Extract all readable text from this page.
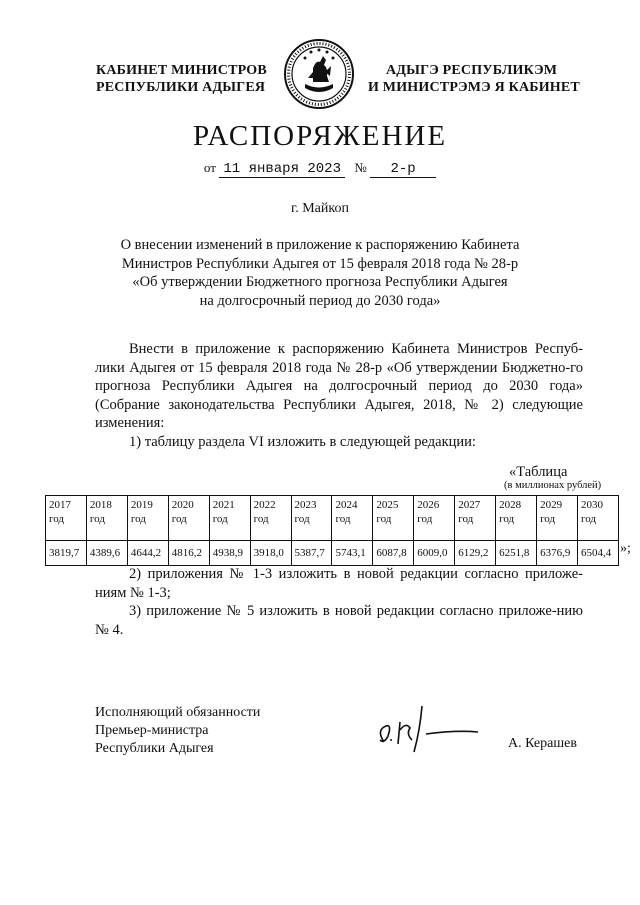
КАБИНЕТ МИНИСТРОВ
РЕСПУБЛИКИ АДЫГЕЯ
АДЫГЭ РЕСПУБЛИКЭМ
И МИНИСТРЭМЭ Я КАБИНЕТ
РАСПОРЯЖЕНИЕ
от 11 января 2023 № 2-р
г. Майкоп
О внесении изменений в приложение к распоряжению Кабинета
Министров Республики Адыгея от 15 февраля 2018 года № 28-р
«Об утверждении Бюджетного прогноза Республики Адыгея
на долгосрочный период до 2030 года»

Внести в приложение к распоряжению Кабинета Министров Респуб-лики Адыгея от 15 февраля 2018 года № 28-р «Об утверждении Бюджетно-го прогноза Республики Адыгея на долгосрочный период до 2030 года» (Собрание законодательства Республики Адыгея, 2018, № 2) следующие изменения:

1) таблицу раздела VI изложить в следующей редакции:

«Таблица
(в миллионах рублей)
2017 год	2018 год	2019 год	2020 год	2021 год	2022 год	2023 год	2024 год	2025 год	2026 год	2027 год	2028 год	2029 год	2030 год
3819,7	4389,6	4644,2	4816,2	4938,9	3918,0	5387,7	5743,1	6087,8	6009,0	6129,2	6251,8	6376,9	6504,4

2) приложения № 1-3 изложить в новой редакции согласно приложе-ниям № 1-3;

3) приложение № 5 изложить в новой редакции согласно приложе-нию № 4.

Исполняющий обязанности
Премьер-министра
Республики Адыгея	А. Керашев
»;
